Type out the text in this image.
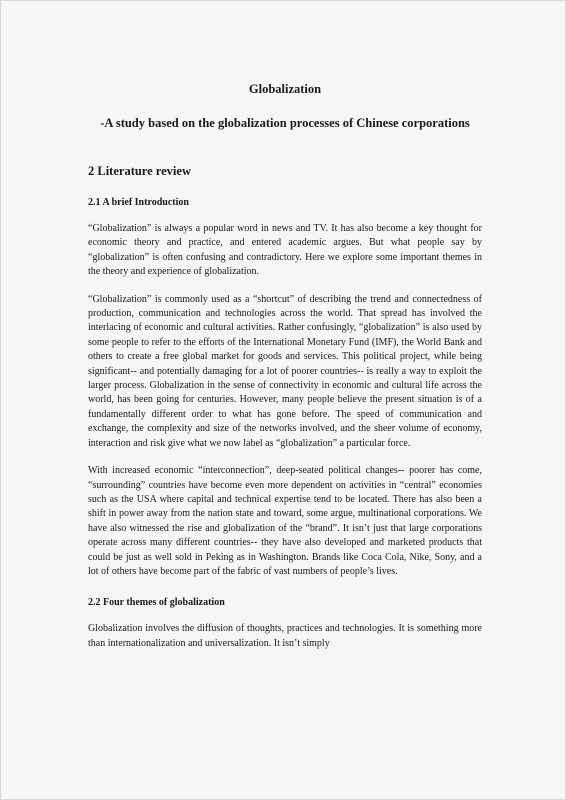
Globalization
-A study based on the globalization processes of Chinese corporations
2 Literature review
2.1 A brief Introduction

“Globalization” is always a popular word in news and TV. It has also become a key thought for economic theory and practice, and entered academic argues. But what people say by “globalization” is often confusing and contradictory. Here we explore some important themes in the theory and experience of globalization.

“Globalization” is commonly used as a “shortcut” of describing the trend and connectedness of production, communication and technologies across the world. That spread has involved the interlacing of economic and cultural activities. Rather confusingly, “globalization” is also used by some people to refer to the efforts of the International Monetary Fund (IMF), the World Bank and others to create a free global market for goods and services. This political project, while being significant-- and potentially damaging for a lot of poorer countries-- is really a way to exploit the larger process. Globalization in the sense of connectivity in economic and cultural life across the world, has been going for centuries. However, many people believe the present situation is of a fundamentally different order to what has gone before. The speed of communication and exchange, the complexity and size of the networks involved, and the sheer volume of economy, interaction and risk give what we now label as “globalization” a particular force.

With increased economic “interconnection”, deep-seated political changes-- poorer has come, “surrounding” countries have become even more dependent on activities in “central” economies such as the USA where capital and technical expertise tend to be located. There has also been a shift in power away from the nation state and toward, some argue, multinational corporations. We have also witnessed the rise and globalization of the “brand”. It isn’t just that large corporations operate across many different countries-- they have also developed and marketed products that could be just as well sold in Peking as in Washington. Brands like Coca Cola, Nike, Sony, and a lot of others have become part of the fabric of vast numbers of people’s lives.

2.2 Four themes of globalization

Globalization involves the diffusion of thoughts, practices and technologies. It is something more than internationalization and universalization. It isn’t simply
